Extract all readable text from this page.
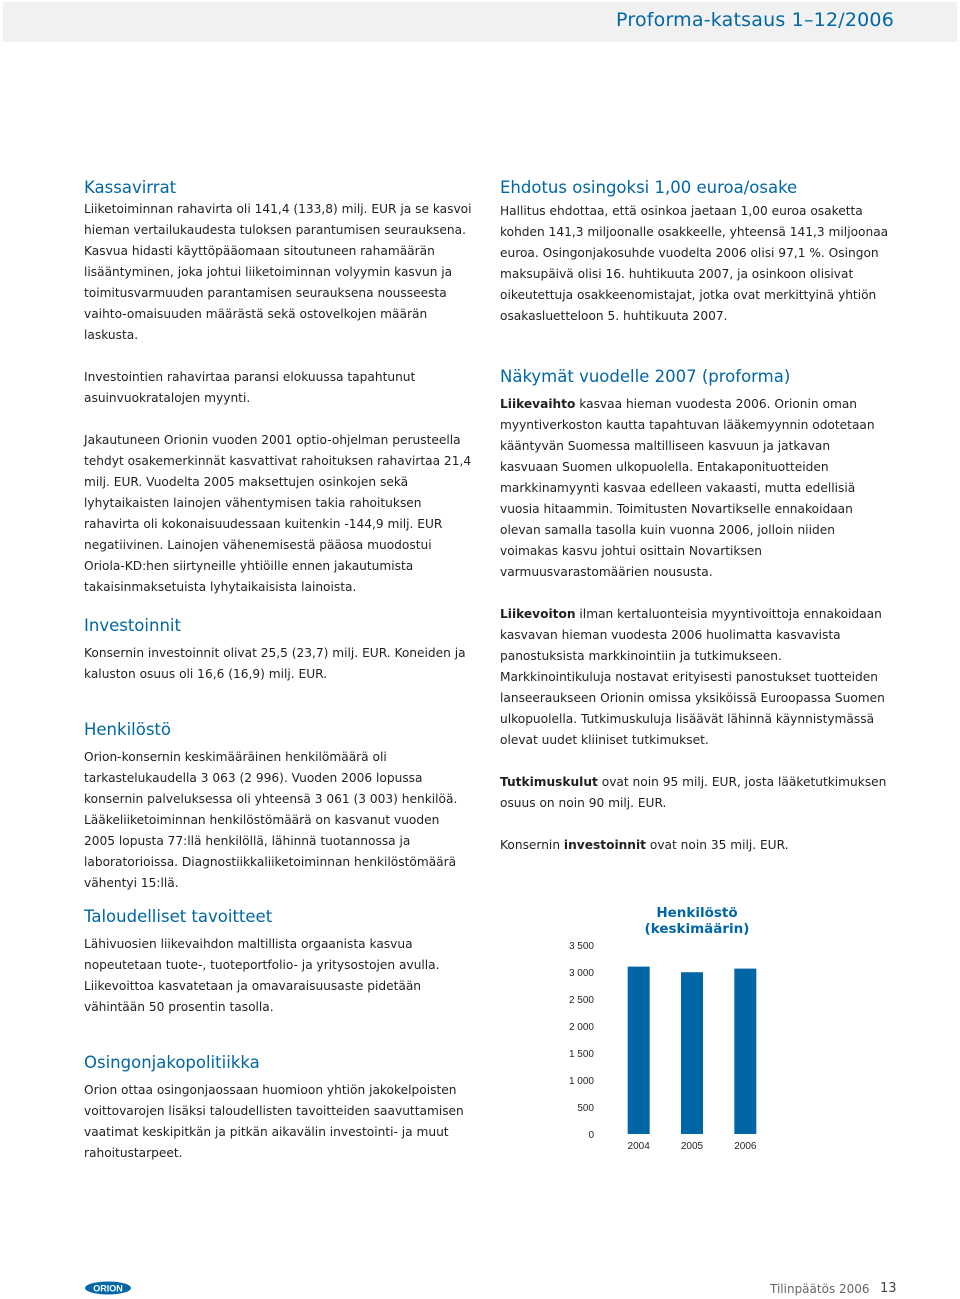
Proforma-katsaus 1–12/2006
Kassavirrat

Liiketoiminnan rahavirta oli 141,4 (133,8) milj. EUR ja se kasvoi hieman vertailukaudesta tuloksen parantumisen seurauksena. Kasvua hidasti käyttöpääomaan sitoutuneen rahamäärän lisääntyminen, joka johtui liiketoiminnan volyymin kasvun ja toimitusvarmuuden parantamisen seurauksena nousseesta vaihto-omaisuuden määrästä sekä ostovelkojen määrän laskusta.

Investointien rahavirtaa paransi elokuussa tapahtunut asuinvuokratalojen myynti.

Jakautuneen Orionin vuoden 2001 optio-ohjelman perusteella tehdyt osakemerkinnät kasvattivat rahoituksen rahavirtaa 21,4 milj. EUR. Vuodelta 2005 maksettujen osinkojen sekä lyhytaikaisten lainojen vähentymisen takia rahoituksen rahavirta oli kokonaisuudessaan kuitenkin -144,9 milj. EUR negatiivinen. Lainojen vähenemisestä pääosa muodostui Oriola-KD:hen siirtyneille yhtiöille ennen jakautumista takaisinmaksetuista lyhytaikaisista lainoista.

Investoinnit

Konsernin investoinnit olivat 25,5 (23,7) milj. EUR. Koneiden ja kaluston osuus oli 16,6 (16,9) milj. EUR.

Henkilöstö

Orion-konsernin keskimääräinen henkilömäärä oli tarkastelukaudella 3 063 (2 996). Vuoden 2006 lopussa konsernin palveluksessa oli yhteensä 3 061 (3 003) henkilöä. Lääkeliiketoiminnan henkilöstömäärä on kasvanut vuoden 2005 lopusta 77:llä henkilöllä, lähinnä tuotannossa ja laboratorioissa. Diagnostiikkaliiketoiminnan henkilöstömäärä vähentyi 15:llä.

Taloudelliset tavoitteet

Lähivuosien liikevaihdon maltillista orgaanista kasvua nopeutetaan tuote-, tuoteportfolio- ja yritysostojen avulla. Liikevoittoa kasvatetaan ja omavaraisuusaste pidetään vähintään 50 prosentin tasolla.

Osingonjakopolitiikka

Orion ottaa osingonjaossaan huomioon yhtiön jakokelpoisten voittovarojen lisäksi taloudellisten tavoitteiden saavuttamisen vaatimat keskipitkän ja pitkän aikavälin investointi- ja muut rahoitustarpeet.

Ehdotus osingoksi 1,00 euroa/osake

Hallitus ehdottaa, että osinkoa jaetaan 1,00 euroa osaketta kohden 141,3 miljoonalle osakkeelle, yhteensä 141,3 miljoonaa euroa. Osingonjakosuhde vuodelta 2006 olisi 97,1 %. Osingon maksupäivä olisi 16. huhtikuuta 2007, ja osinkoon olisivat oikeutettuja osakkeenomistajat, jotka ovat merkittyinä yhtiön osakasluetteloon 5. huhtikuuta 2007.

Näkymät vuodelle 2007 (proforma)

Liikevaihto kasvaa hieman vuodesta 2006. Orionin oman myyntiverkoston kautta tapahtuvan lääkemyynnin odotetaan kääntyvän Suomessa maltilliseen kasvuun ja jatkavan kasvuaan Suomen ulkopuolella. Entakaponituotteiden markkinamyynti kasvaa edelleen vakaasti, mutta edellisiä vuosia hitaammin. Toimitusten Novartikselle ennakoidaan olevan samalla tasolla kuin vuonna 2006, jolloin niiden voimakas kasvu johtui osittain Novartiksen varmuusvarastomäärien noususta.

Liikevoiton ilman kertaluonteisia myyntivoittoja ennakoidaan kasvavan hieman vuodesta 2006 huolimatta kasvavista panostuksista markkinointiin ja tutkimukseen. Markkinointikuluja nostavat erityisesti panostukset tuotteiden lanseeraukseen Orionin omissa yksiköissä Euroopassa Suomen ulkopuolella. Tutkimuskuluja lisäävät lähinnä käynnistymässä olevat uudet kliiniset tutkimukset.

Tutkimuskulut ovat noin 95 milj. EUR, josta lääketutkimuksen osuus on noin 90 milj. EUR.

Konsernin investoinnit ovat noin 35 milj. EUR.

Henkilöstö (keskimäärin)
3 500
3 000
2 500
2 000
1 500
1 000
500
0
2004	2005	2006
ORION	Tilinpäätös 2006 13
